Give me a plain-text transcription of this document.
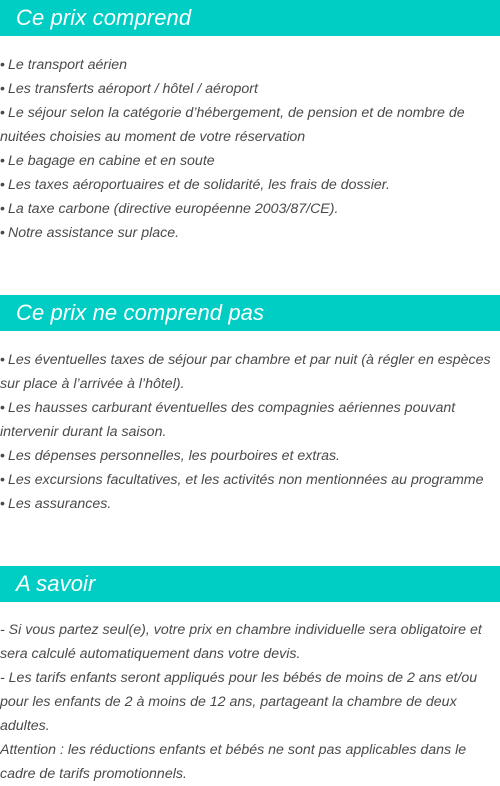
Ce prix comprend
• Le transport aérien
• Les transferts aéroport / hôtel / aéroport
• Le séjour selon la catégorie d’hébergement, de pension et de nombre de nuitées choisies au moment de votre réservation
• Le bagage en cabine et en soute
• Les taxes aéroportuaires et de solidarité, les frais de dossier.
• La taxe carbone (directive européenne 2003/87/CE).
• Notre assistance sur place.
Ce prix ne comprend pas
• Les éventuelles taxes de séjour par chambre et par nuit (à régler en espèces sur place à l’arrivée à l’hôtel).
• Les hausses carburant éventuelles des compagnies aériennes pouvant intervenir durant la saison.
• Les dépenses personnelles, les pourboires et extras.
• Les excursions facultatives, et les activités non mentionnées au programme
• Les assurances.
A savoir
- Si vous partez seul(e), votre prix en chambre individuelle sera obligatoire et sera calculé automatiquement dans votre devis.
- Les tarifs enfants seront appliqués pour les bébés de moins de 2 ans et/ou pour les enfants de 2 à moins de 12 ans, partageant la chambre de deux adultes.
Attention : les réductions enfants et bébés ne sont pas applicables dans le cadre de tarifs promotionnels.
